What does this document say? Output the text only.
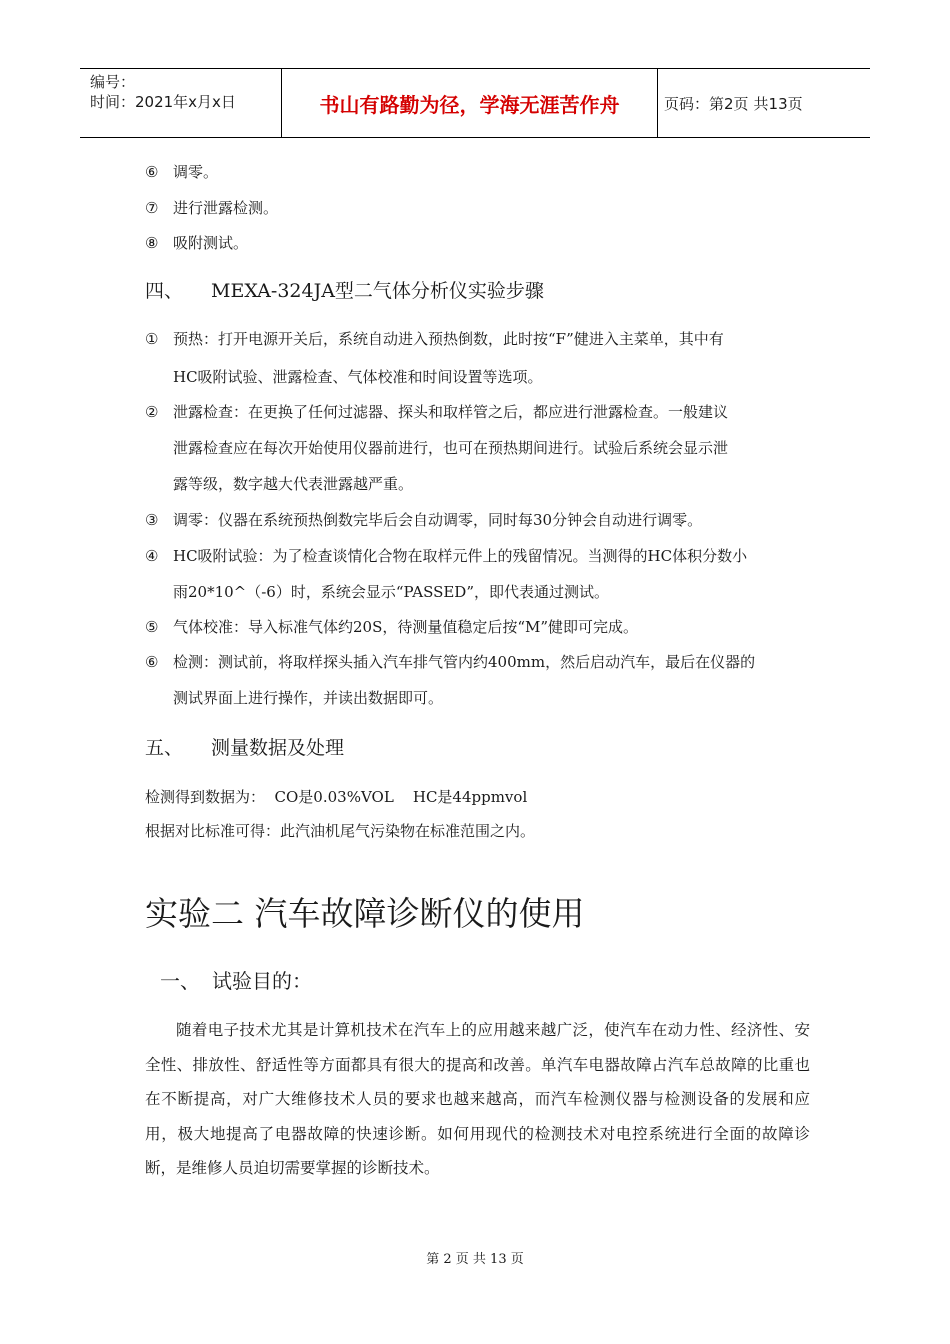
编号：
时间：2021年x月x日	书山有路勤为径，学海无涯苦作舟	页码：第2页 共13页
⑥ 调零。
⑦ 进行泄露检测。
⑧ 吸附测试。
四、 MEXA-324JA型二气体分析仪实验步骤
① 预热：打开电源开关后，系统自动进入预热倒数，此时按“F”健进入主菜单，其中有
HC吸附试验、泄露检查、气体校准和时间设置等选项。
② 泄露检查：在更换了任何过滤器、探头和取样管之后，都应进行泄露检查。一般建议
泄露检查应在每次开始使用仪器前进行，也可在预热期间进行。试验后系统会显示泄
露等级，数字越大代表泄露越严重。
③ 调零：仪器在系统预热倒数完毕后会自动调零，同时每30分钟会自动进行调零。
④ HC吸附试验：为了检查谈情化合物在取样元件上的残留情况。当测得的HC体积分数小
雨20*10^（-6）时，系统会显示“PASSED”，即代表通过测试。
⑤ 气体校准：导入标准气体约20S，待测量值稳定后按“M”健即可完成。
⑥ 检测：测试前，将取样探头插入汽车排气管内约400mm，然后启动汽车，最后在仪器的
测试界面上进行操作，并读出数据即可。
五、 测量数据及处理
检测得到数据为：  CO是0.03%VOL    HC是44ppmvol
根据对比标准可得：此汽油机尾气污染物在标准范围之内。
实验二 汽车故障诊断仪的使用
一、 试验目的：

随着电子技术尤其是计算机技术在汽车上的应用越来越广泛，使汽车在动力性、经济性、安全性、排放性、舒适性等方面都具有很大的提高和改善。单汽车电器故障占汽车总故障的比重也在不断提高，对广大维修技术人员的要求也越来越高，而汽车检测仪器与检测设备的发展和应用，极大地提高了电器故障的快速诊断。如何用现代的检测技术对电控系统进行全面的故障诊断，是维修人员迫切需要掌握的诊断技术。

第 2 页 共 13 页
